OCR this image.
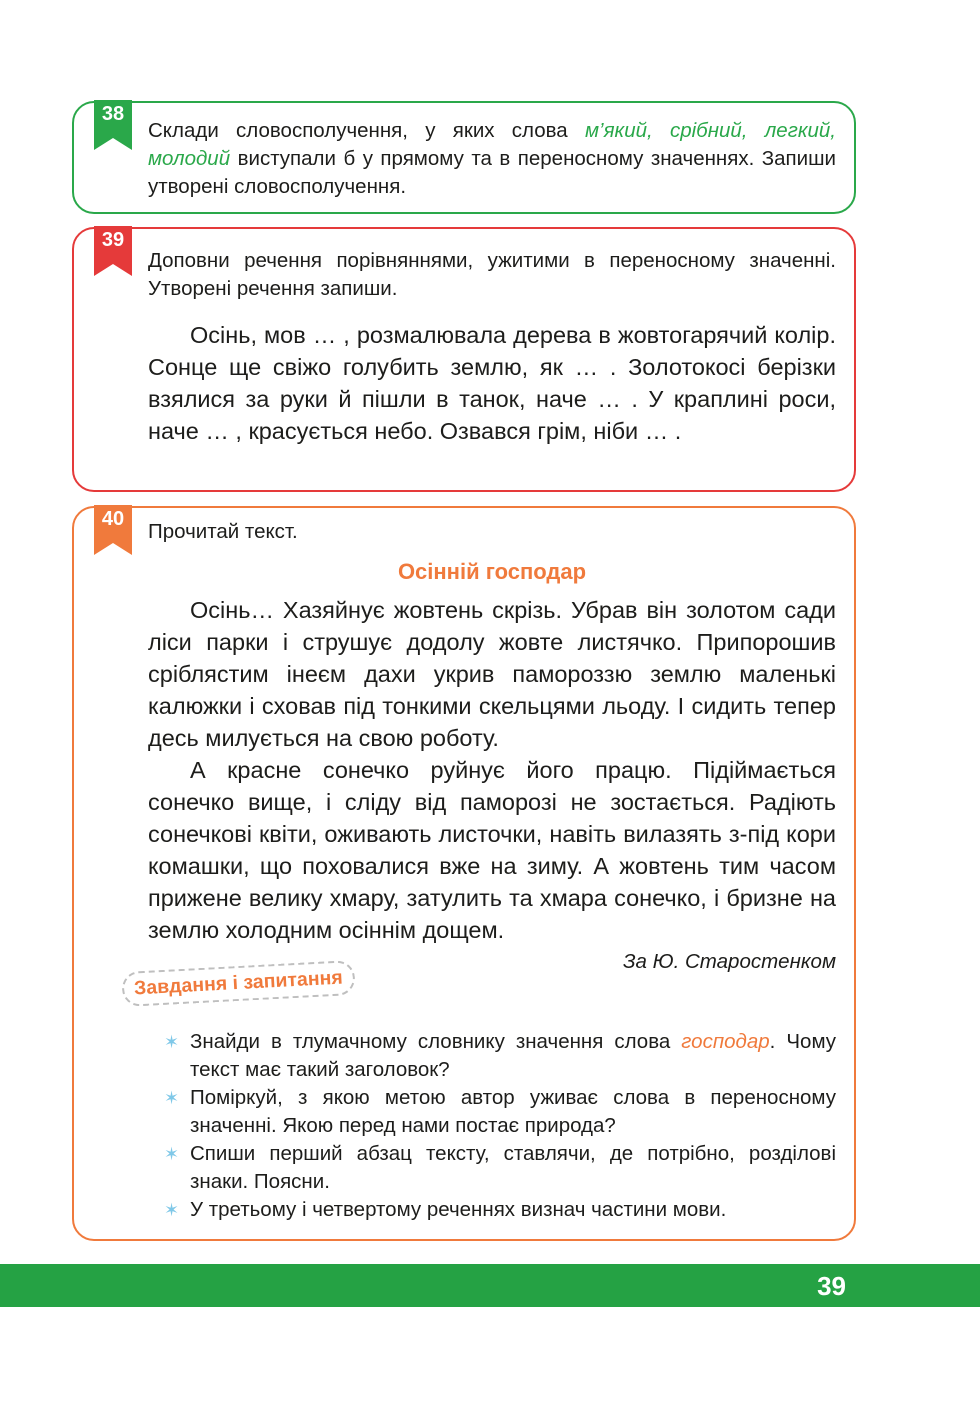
38

Склади словосполучення, у яких слова м’який, срібний, легкий, молодий виступали б у прямому та в переносному значеннях. Запиши утворені словосполучення.

39

Доповни речення порівняннями, ужитими в переносному значенні. Утворені речення запиши.

Осінь, мов … , розмалювала дерева в жовтогарячий колір. Сонце ще свіжо голубить землю, як … . Золотокосі берізки взялися за руки й пішли в танок, наче … . У краплині роси, наче … , красується небо. Озвався грім, ніби … .

40

Прочитай текст.

Осінній господар

Осінь… Хазяйнує жовтень скрізь. Убрав він золотом сади ліси парки і струшує додолу жовте листячко. Припорошив сріблястим інеєм дахи укрив памороззю землю маленькі калюжки і сховав під тонкими скельцями льоду. І сидить тепер десь милується на свою роботу.

А красне сонечко руйнує його працю. Підіймається сонечко вище, і сліду від паморозі не зостається. Радіють сонечкові квіти, оживають листочки, навіть вилазять з-під кори комашки, що поховалися вже на зиму. А жовтень тим часом прижене велику хмару, затулить та хмара сонечко, і бризне на землю холодним осіннім дощем.

За Ю. Старостенком

Завдання і запитання

✶ Знайди в тлумачному словнику значення слова господар. Чому текст має такий заголовок?

✶ Поміркуй, з якою метою автор уживає слова в переносному значенні. Якою перед нами постає природа?

✶ Спиши перший абзац тексту, ставлячи, де потрібно, розділові знаки. Поясни.

✶ У третьому і четвертому реченнях визнач частини мови.

39
